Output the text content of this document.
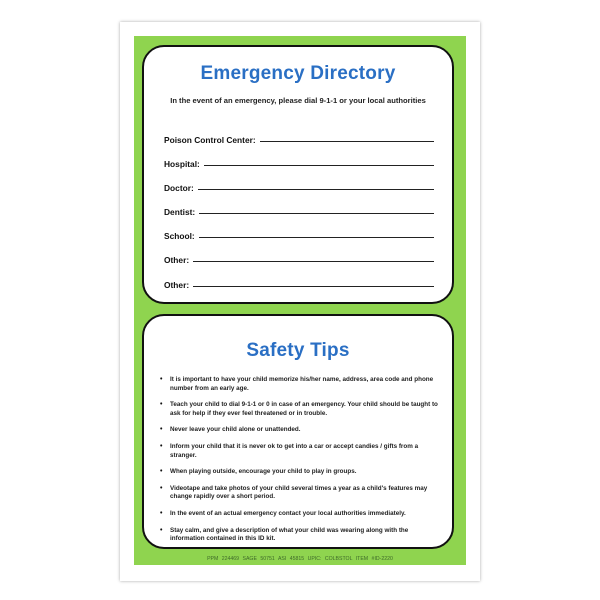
Emergency Directory
In the event of an emergency, please dial 9-1-1 or your local authorities
Poison Control Center:
Hospital:
Doctor:
Dentist:
School:
Other:
Other:
Safety Tips
• It is important to have your child memorize his/her name, address, area code and phone number from an early age.
• Teach your child to dial 9-1-1 or 0 in case of an emergency. Your child should be taught to ask for help if they ever feel threatened or in trouble.
• Never leave your child alone or unattended.
• Inform your child that it is never ok to get into a car or accept candies / gifts from a stranger.
• When playing outside, encourage your child to play in groups.
• Videotape and take photos of your child several times a year as a child's features may change rapidly over a short period.
• In the event of an actual emergency contact your local authorities immediately.
• Stay calm, and give a description of what your child was wearing along with the information contained in this ID kit.
PPM 224469 SAGE 50751 ASI 45815 UPIC: COLBSTOL ITEM #ID-2220
